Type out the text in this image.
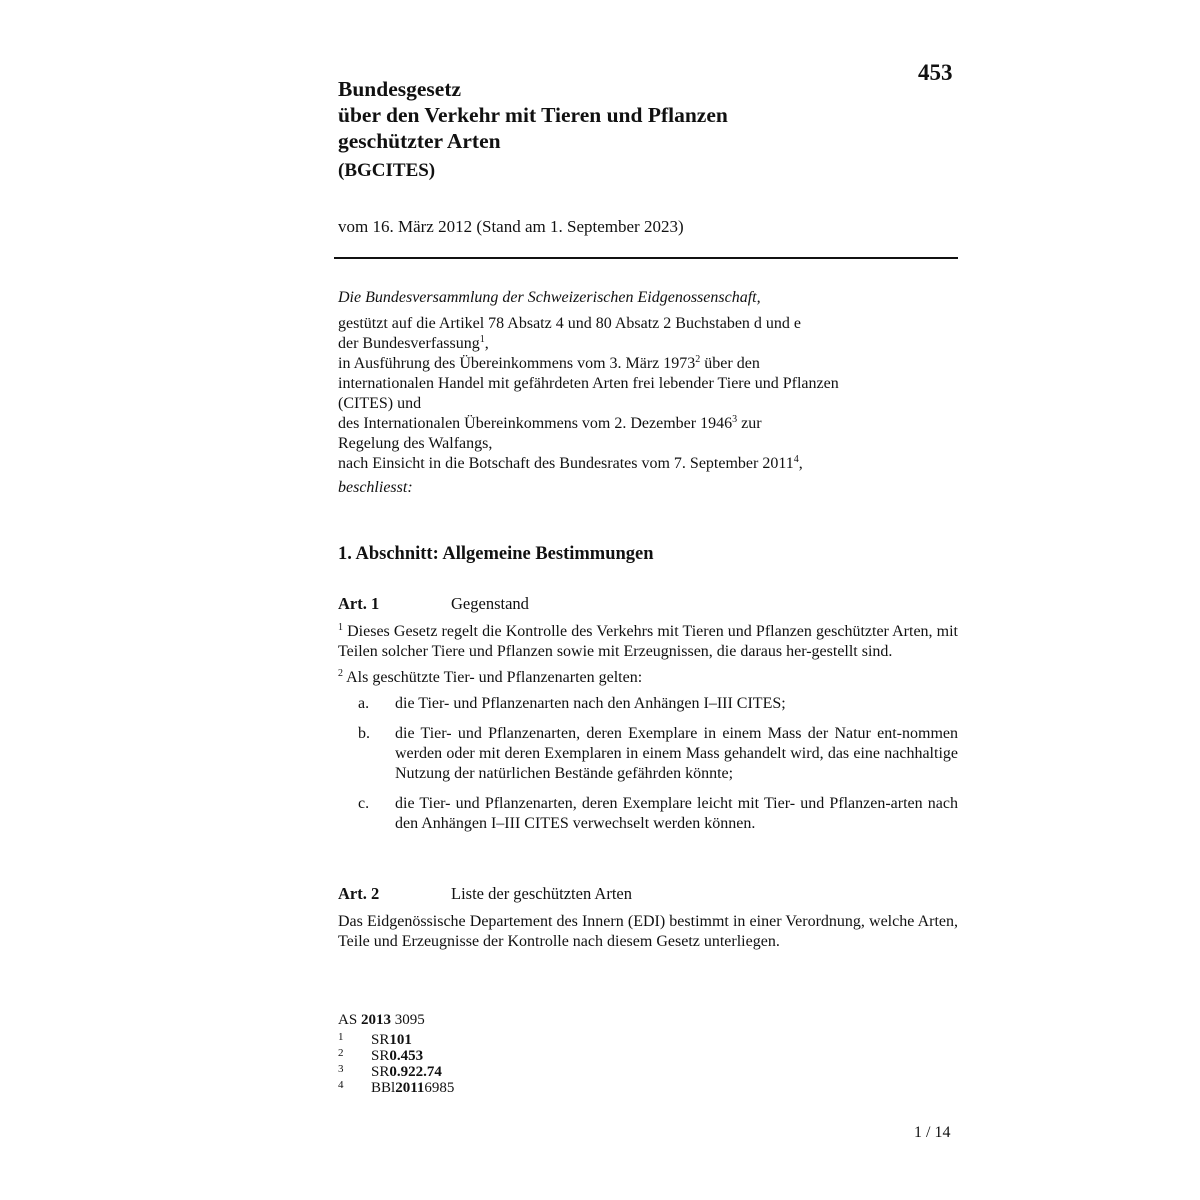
453

Bundesgesetz

über den Verkehr mit Tieren und Pflanzen

geschützter Arten

(BGCITES)
vom 16. März 2012 (Stand am 1. September 2023)

Die Bundesversammlung der Schweizerischen Eidgenossenschaft,

gestützt auf die Artikel 78 Absatz 4 und 80 Absatz 2 Buchstaben d und e

der Bundesverfassung$^1$,

in Ausführung des Übereinkommens vom 3. März 1973$^2$ über den

internationalen Handel mit gefährdeten Arten frei lebender Tiere und Pflanzen

(CITES) und

des Internationalen Übereinkommens vom 2. Dezember 1946$^3$ zur

Regelung des Walfangs,

nach Einsicht in die Botschaft des Bundesrates vom 7. September 2011$^4$,

beschliesst:

1. Abschnitt: Allgemeine Bestimmungen
Art. 1	Gegenstand

$^1$ Dieses Gesetz regelt die Kontrolle des Verkehrs mit Tieren und Pflanzen geschützter Arten, mit Teilen solcher Tiere und Pflanzen sowie mit Erzeugnissen, die daraus her-gestellt sind.

$^2$ Als geschützte Tier- und Pflanzenarten gelten:

a.	die Tier- und Pflanzenarten nach den Anhängen I–III CITES;
b.	die Tier- und Pflanzenarten, deren Exemplare in einem Mass der Natur ent-nommen werden oder mit deren Exemplaren in einem Mass gehandelt wird, das eine nachhaltige Nutzung der natürlichen Bestände gefährden könnte;
c.	die Tier- und Pflanzenarten, deren Exemplare leicht mit Tier- und Pflanzen-arten nach den Anhängen I–III CITES verwechselt werden können.
Art. 2	Liste der geschützten Arten

Das Eidgenössische Departement des Innern (EDI) bestimmt in einer Verordnung, welche Arten, Teile und Erzeugnisse der Kontrolle nach diesem Gesetz unterliegen.

AS 2013 3095
1	SR 101
2	SR 0.453
3	SR 0.922.74
4	BBl 2011 6985
1 / 14
